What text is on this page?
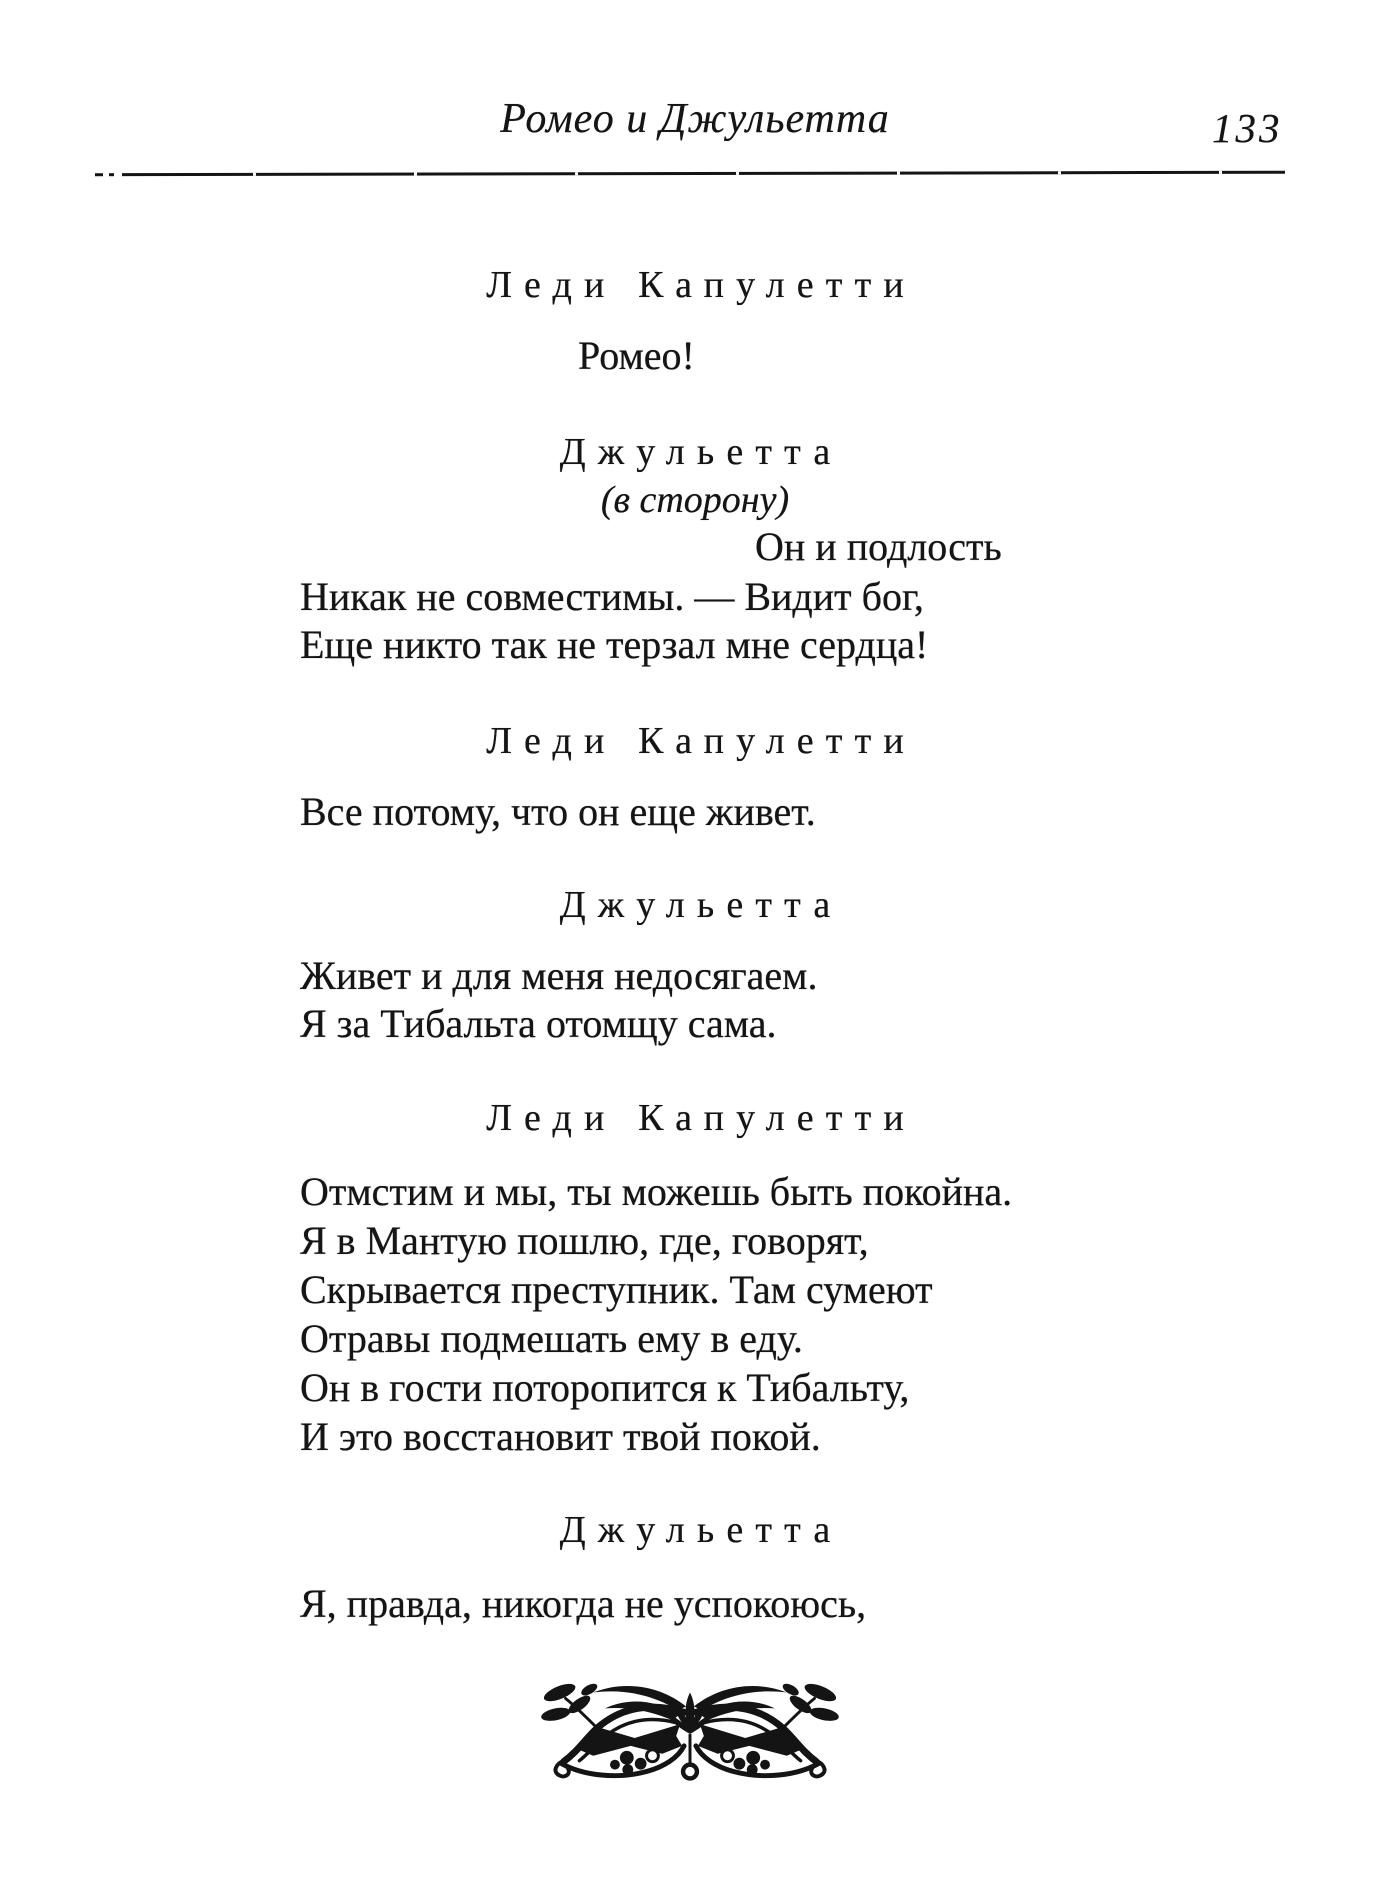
Ромео и Джульетта	133
Леди Капулетти
Ромео!
Джульетта
(в сторону)
Он и подлость
Никак не совместимы. — Видит бог,
Еще никто так не терзал мне сердца!
Леди Капулетти
Все потому, что он еще живет.
Джульетта
Живет и для меня недосягаем.
Я за Тибальта отомщу сама.
Леди Капулетти
Отмстим и мы, ты можешь быть покойна.
Я в Мантую пошлю, где, говорят,
Скрывается преступник. Там сумеют
Отравы подмешать ему в еду.
Он в гости поторопится к Тибальту,
И это восстановит твой покой.
Джульетта
Я, правда, никогда не успокоюсь,
